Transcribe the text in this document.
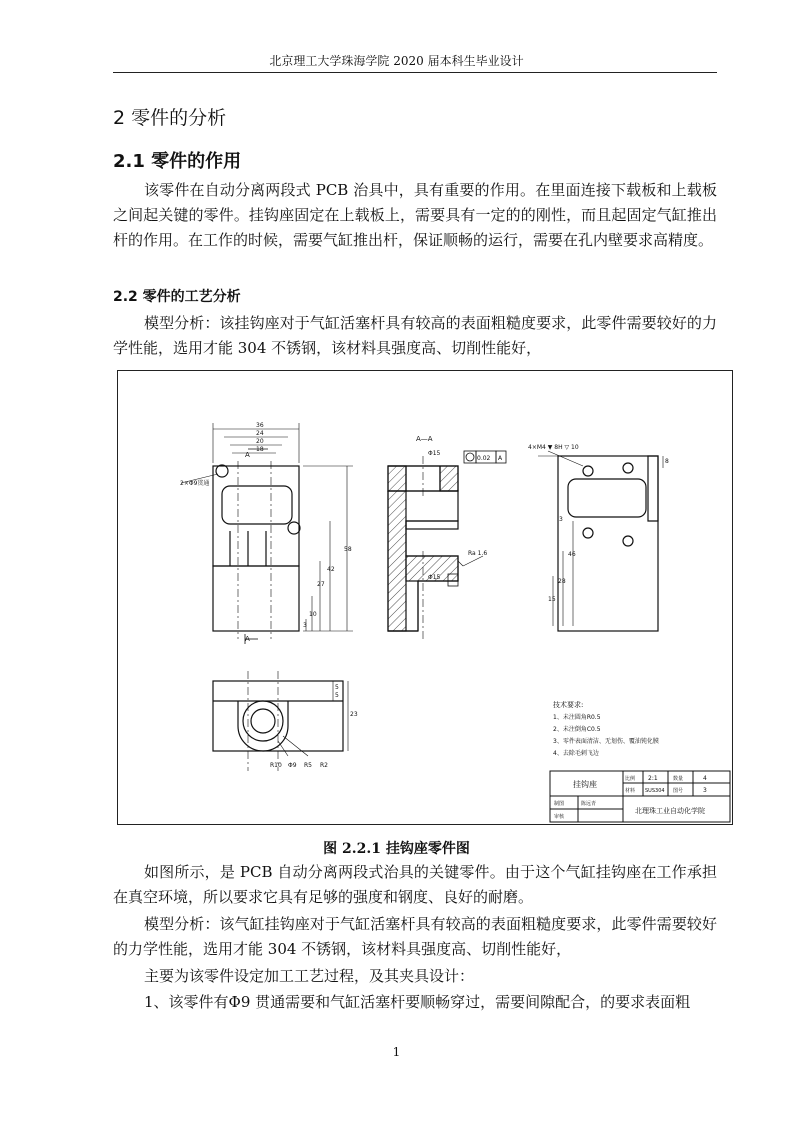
北京理工大学珠海学院 2020 届本科生毕业设计
2 零件的分析
2.1 零件的作用
该零件在自动分离两段式 PCB 治具中，具有重要的作用。在里面连接下载板和上载板之间起关键的零件。挂钩座固定在上载板上，需要具有一定的的刚性，而且起固定气缸推出杆的作用。在工作的时候，需要气缸推出杆，保证顺畅的运行，需要在孔内壁要求高精度。
2.2 零件的工艺分析
模型分析：该挂钩座对于气缸活塞杆具有较高的表面粗糙度要求，此零件需要较好的力学性能，选用才能 304 不锈钢，该材料具强度高、切削性能好，
A—A
A
A
2×Φ9贯通
4×M4 ▼ 8H ▽ 10
Φ15
Φ15
0.02 A
Ra 1.6
36
24
20
18
58
42
27
10
3
46
28
15
8
3
23
5
5
R10 Φ9 R5 R2
技术要求:
1、未注圆角R0.5
2、未注倒角C0.5
3、零件表面清洁、无划伤、覆油钝化膜
4、去除毛刺飞边
挂钩座
比例 2:1	数量	4
材料 SUS304 图号	3
制图	陈远青
审核
北理珠工业自动化学院
图 2.2.1 挂钩座零件图
如图所示，是 PCB 自动分离两段式治具的关键零件。由于这个气缸挂钩座在工作承担在真空环境，所以要求它具有足够的强度和钢度、良好的耐磨。
模型分析：该气缸挂钩座对于气缸活塞杆具有较高的表面粗糙度要求，此零件需要较好的力学性能，选用才能 304 不锈钢，该材料具强度高、切削性能好，
主要为该零件设定加工工艺过程，及其夹具设计：
1、该零件有Φ9 贯通需要和气缸活塞杆要顺畅穿过，需要间隙配合，的要求表面粗
1
